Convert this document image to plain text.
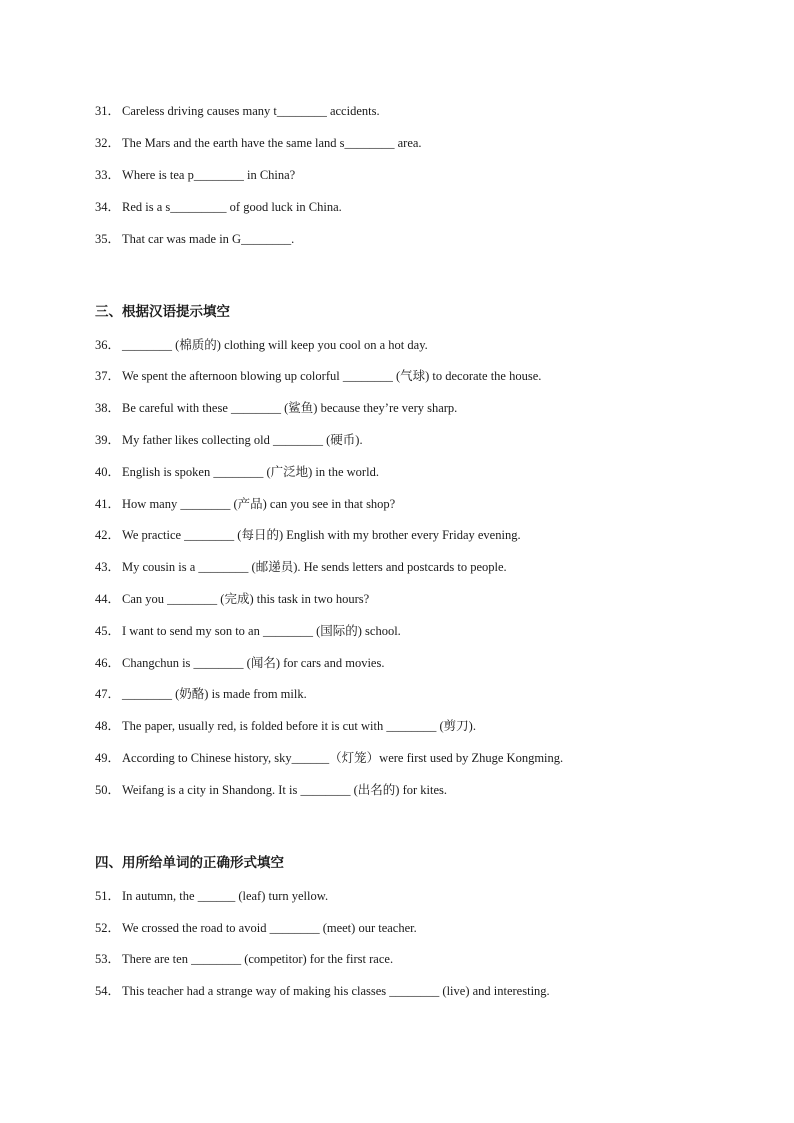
31． Careless driving causes many t________ accidents.
32． The Mars and the earth have the same land s________ area.
33． Where is tea p________ in China?
34． Red is a s_________ of good luck in China.
35． That car was made in G________.
三、根据汉语提示填空
36． ________ (棉质的) clothing will keep you cool on a hot day.
37． We spent the afternoon blowing up colorful ________ (气球) to decorate the house.
38． Be careful with these ________ (鲨鱼) because they’re very sharp.
39． My father likes collecting old ________ (硬币).
40． English is spoken ________ (广泛地) in the world.
41． How many ________ (产品) can you see in that shop?
42． We practice ________ (每日的) English with my brother every Friday evening.
43． My cousin is a ________ (邮递员). He sends letters and postcards to people.
44． Can you ________ (完成) this task in two hours?
45． I want to send my son to an ________ (国际的) school.
46． Changchun is ________ (闻名) for cars and movies.
47． ________ (奶酪) is made from milk.
48． The paper, usually red, is folded before it is cut with ________ (剪刀).
49． According to Chinese history, sky______（灯笼）were first used by Zhuge Kongming.
50． Weifang is a city in Shandong. It is ________ (出名的) for kites.
四、用所给单词的正确形式填空
51． In autumn, the ______ (leaf) turn yellow.
52． We crossed the road to avoid ________ (meet) our teacher.
53． There are ten ________ (competitor) for the first race.
54． This teacher had a strange way of making his classes ________ (live) and interesting.
